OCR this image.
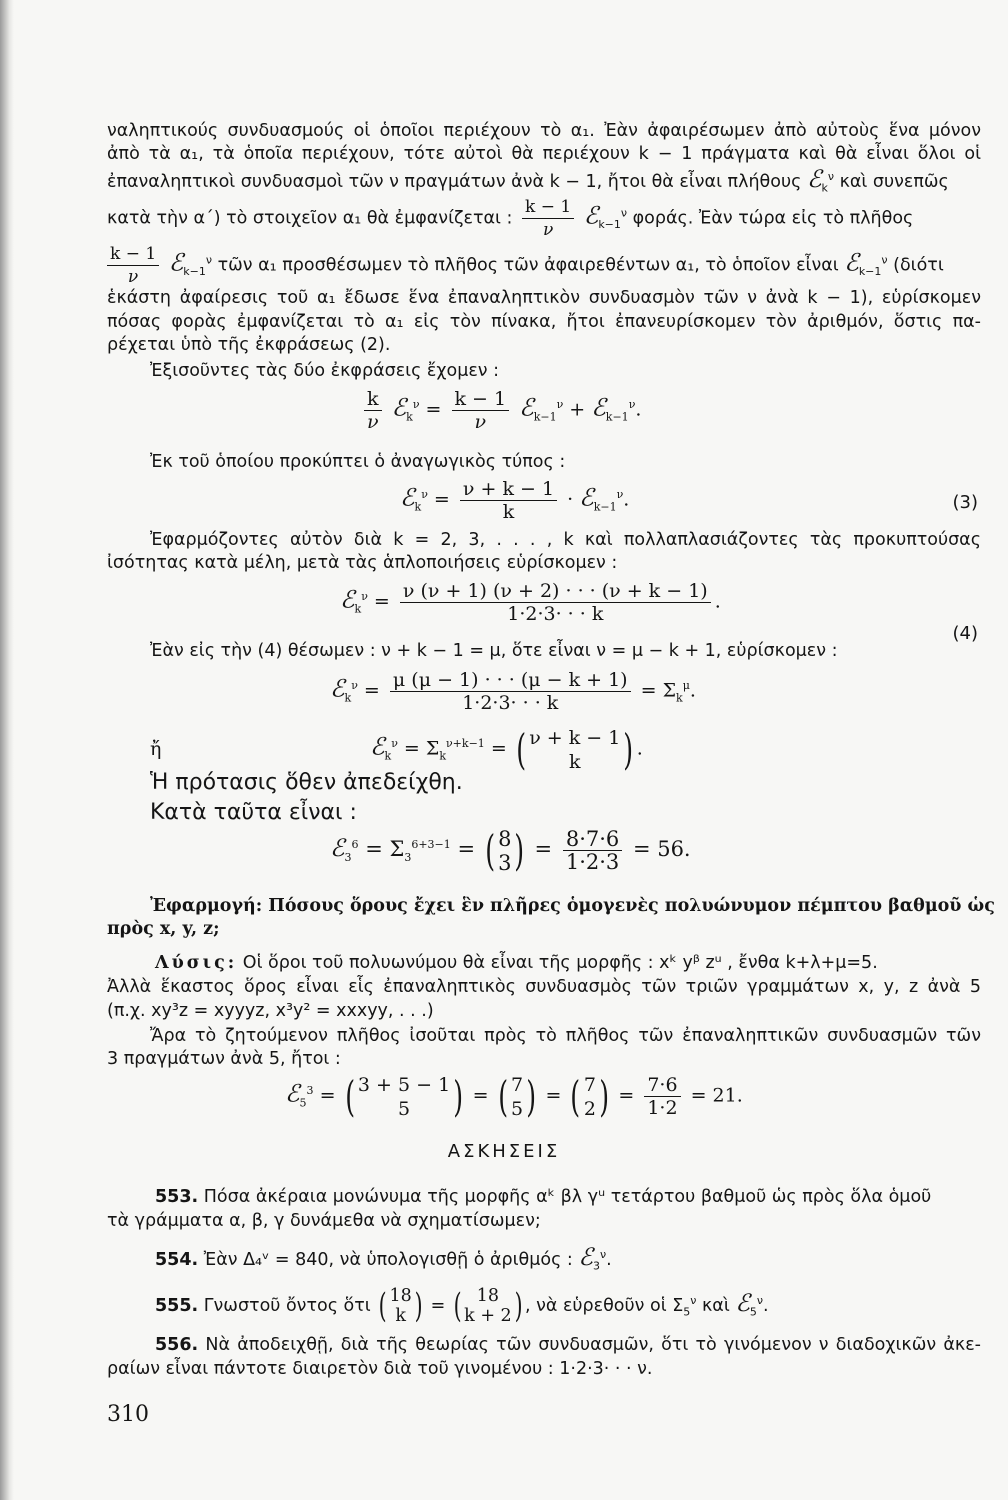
ναληπτικούς συνδυασμούς οἱ ὁποῖοι περιέχουν τὸ α₁. Ἐὰν ἀφαιρέσωμεν ἀπὸ αὐτοὺς ἕνα μόνον
ἀπὸ τὰ α₁, τὰ ὁποῖα περιέχουν, τότε αὐτοὶ θὰ περιέχουν k − 1 πράγματα καὶ θὰ εἶναι ὅλοι οἱ
ἐπαναληπτικοὶ συνδυασμοὶ τῶν ν πραγμάτων ἀνὰ k − 1, ἤτοι θὰ εἶναι πλήθους ℰ$_k^\nu$ καὶ συνεπῶς
κατὰ τὴν α΄) τὸ στοιχεῖον α₁ θὰ ἐμφανίζεται : $\frac{k - 1}{\nu}$ ℰ$_{k-1}^\nu$ φοράς. Ἐὰν τώρα εἰς τὸ πλῆθος
$\frac{k - 1}{\nu}$ ℰ$_{k-1}^\nu$ τῶν α₁ προσθέσωμεν τὸ πλῆθος τῶν ἀφαιρεθέντων α₁, τὸ ὁποῖον εἶναι ℰ$_{k-1}^\nu$ (διότι
ἑκάστη ἀφαίρεσις τοῦ α₁ ἔδωσε ἕνα ἐπαναληπτικὸν συνδυασμὸν τῶν ν ἀνὰ k − 1), εὑρίσκομεν
πόσας φορὰς ἐμφανίζεται τὸ α₁ εἰς τὸν πίνακα, ἤτοι ἐπανευρίσκομεν τὸν ἀριθμόν, ὅστις πα-
ρέχεται ὑπὸ τῆς ἐκφράσεως (2).
Ἐξισοῦντες τὰς δύο ἐκφράσεις ἔχομεν :
$\frac{k}{\nu}$ ℰ$_k^\nu$ = $\frac{k - 1}{\nu}$ ℰ$_{k-1}^\nu$ + ℰ$_{k-1}^\nu$.
Ἐκ τοῦ ὁποίου προκύπτει ὁ ἀναγωγικὸς τύπος :
ℰ$_k^\nu$ = $\frac{\nu + k - 1}{k}$ · ℰ$_{k-1}^\nu$.	(3)
Ἐφαρμόζοντες αὐτὸν διὰ k = 2, 3, . . . , k καὶ πολλαπλασιάζοντες τὰς προκυπτούσας
ἰσότητας κατὰ μέλη, μετὰ τὰς ἁπλοποιήσεις εὑρίσκομεν :
ℰ$_k^\nu$ = $\frac{\nu (\nu + 1) (\nu + 2) \cdot \cdot \cdot (\nu + k - 1)}{1\cdot 2\cdot 3\cdot \cdot \cdot k}$ .
(4)
Ἐὰν εἰς τὴν (4) θέσωμεν : ν + k − 1 = μ, ὅτε εἶναι ν = μ − k + 1, εὑρίσκομεν :
ℰ$_k^\nu$ = $\frac{\mu (\mu - 1) \cdot \cdot \cdot (\mu - k + 1)}{1\cdot 2\cdot 3\cdot \cdot \cdot k} = \Sigma_k^\mu$.
ἤ	ℰ$_k^\nu$ = $\Sigma_k^{\nu+k-1}$ = ( ν + k − 1
k	) .
Ἡ πρότασις ὅθεν ἀπεδείχθη.
Κατὰ ταῦτα εἶναι :
ℰ$_3^6$ = $\Sigma_3^{6+3-1}$ = ( 8
3 ) = $\frac{8\cdot 7\cdot 6}{1\cdot 2\cdot 3} = 56$.
Ἐφαρμογή: Πόσους ὅρους ἔχει ἓν πλῆρες ὁμογενὲς πολυώνυμον πέμπτου βαθμοῦ ὡς
πρὸς x, y, z;
Λύσις: Οἱ ὅροι τοῦ πολυωνύμου θὰ εἶναι τῆς μορφῆς : xᵏ yᵝ zᵘ , ἔνθα k+λ+μ=5.
Ἀλλὰ ἕκαστος ὅρος εἶναι εἷς ἐπαναληπτικὸς συνδυασμὸς τῶν τριῶν γραμμάτων x, y, z ἀνὰ 5
(π.χ. xy³z = xyyyz, x³y² = xxxyy, . . .)
Ἄρα τὸ ζητούμενον πλῆθος ἰσοῦται πρὸς τὸ πλῆθος τῶν ἐπαναληπτικῶν συνδυασμῶν τῶν
3 πραγμάτων ἀνὰ 5, ἤτοι :
ℰ$_5^3$ = ( 3 + 5 − 1
5	) = ( 7
5 ) = ( 7
2 ) = $\frac{7\cdot 6}{1\cdot 2} = 21$.
ΑΣΚΗΣΕΙΣ
553. Πόσα ἀκέραια μονώνυμα τῆς μορφῆς αᵏ βλ γᵘ τετάρτου βαθμοῦ ὡς πρὸς ὅλα ὁμοῦ
τὰ γράμματα α, β, γ δυνάμεθα νὰ σχηματίσωμεν;
554. Ἐὰν Δ₄ᵛ = 840, νὰ ὑπολογισθῇ ὁ ἀριθμός : ℰ$_3^\nu$.
555. Γνωστοῦ ὄντος ὅτι ( 18
k ) = ( 18
k + 2 ) , νὰ εὑρεθοῦν οἱ $\Sigma_5^\nu$ καὶ ℰ$_5^\nu$.
556. Νὰ ἀποδειχθῇ, διὰ τῆς θεωρίας τῶν συνδυασμῶν, ὅτι τὸ γινόμενον ν διαδοχικῶν ἀκε-
ραίων εἶναι πάντοτε διαιρετὸν διὰ τοῦ γινομένου : 1·2·3· · · ν.
310
